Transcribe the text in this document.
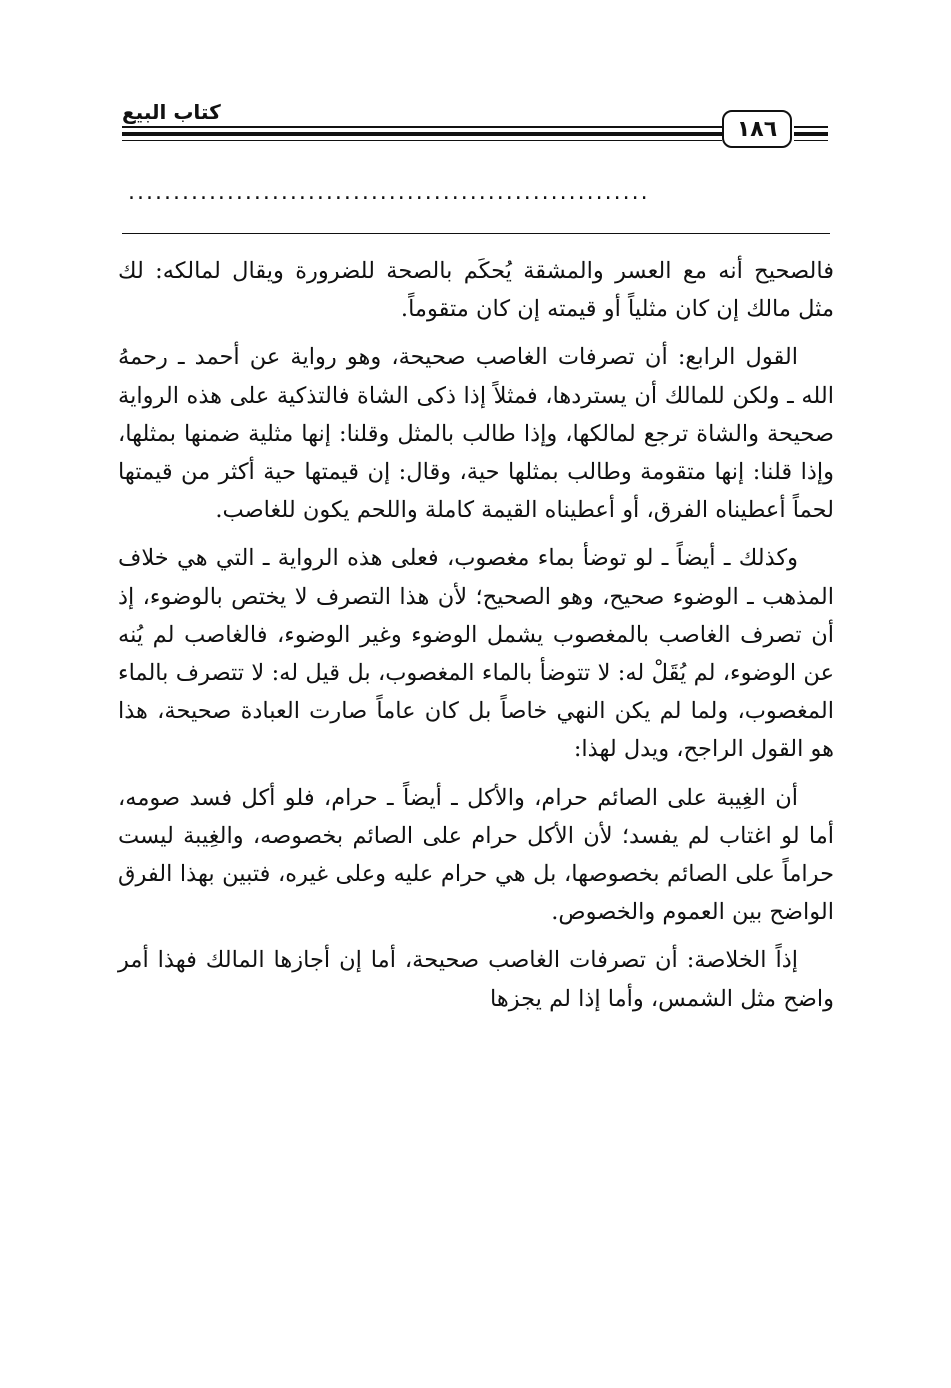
كتاب البيع
١٨٦
..........................................................

فالصحيح أنه مع العسر والمشقة يُحكَم بالصحة للضرورة ويقال لمالكه: لك مثل مالك إن كان مثلياً أو قيمته إن كان متقوماً.

القول الرابع: أن تصرفات الغاصب صحيحة، وهو رواية عن أحمد ـ رحمهُ الله ـ ولكن للمالك أن يستردها، فمثلاً إذا ذكى الشاة فالتذكية على هذه الرواية صحيحة والشاة ترجع لمالكها، وإذا طالب بالمثل وقلنا: إنها مثلية ضمنها بمثلها، وإذا قلنا: إنها متقومة وطالب بمثلها حية، وقال: إن قيمتها حية أكثر من قيمتها لحماً أعطيناه الفرق، أو أعطيناه القيمة كاملة واللحم يكون للغاصب.

وكذلك ـ أيضاً ـ لو توضأ بماء مغصوب، فعلى هذه الرواية ـ التي هي خلاف المذهب ـ الوضوء صحيح، وهو الصحيح؛ لأن هذا التصرف لا يختص بالوضوء، إذ أن تصرف الغاصب بالمغصوب يشمل الوضوء وغير الوضوء، فالغاصب لم يُنه عن الوضوء، لم يُقَلْ له: لا تتوضأ بالماء المغصوب، بل قيل له: لا تتصرف بالماء المغصوب، ولما لم يكن النهي خاصاً بل كان عاماً صارت العبادة صحيحة، هذا هو القول الراجح، ويدل لهذا:

أن الغِيبة على الصائم حرام، والأكل ـ أيضاً ـ حرام، فلو أكل فسد صومه، أما لو اغتاب لم يفسد؛ لأن الأكل حرام على الصائم بخصوصه، والغِيبة ليست حراماً على الصائم بخصوصها، بل هي حرام عليه وعلى غيره، فتبين بهذا الفرق الواضح بين العموم والخصوص.

إذاً الخلاصة: أن تصرفات الغاصب صحيحة، أما إن أجازها المالك فهذا أمر واضح مثل الشمس، وأما إذا لم يجزها
